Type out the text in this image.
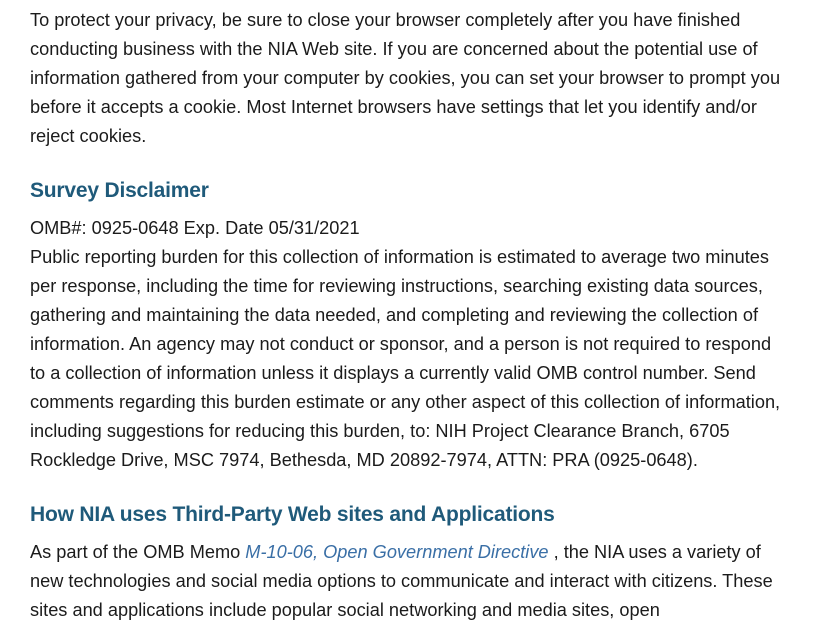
To protect your privacy, be sure to close your browser completely after you have finished conducting business with the NIA Web site. If you are concerned about the potential use of information gathered from your computer by cookies, you can set your browser to prompt you before it accepts a cookie. Most Internet browsers have settings that let you identify and/or reject cookies.

Survey Disclaimer

OMB#: 0925-0648 Exp. Date 05/31/2021

Public reporting burden for this collection of information is estimated to average two minutes per response, including the time for reviewing instructions, searching existing data sources, gathering and maintaining the data needed, and completing and reviewing the collection of information. An agency may not conduct or sponsor, and a person is not required to respond to a collection of information unless it displays a currently valid OMB control number. Send comments regarding this burden estimate or any other aspect of this collection of information, including suggestions for reducing this burden, to: NIH Project Clearance Branch, 6705 Rockledge Drive, MSC 7974, Bethesda, MD 20892-7974, ATTN: PRA (0925-0648).

How NIA uses Third-Party Web sites and Applications

As part of the OMB Memo M-10-06, Open Government Directive , the NIA uses a variety of new technologies and social media options to communicate and interact with citizens. These sites and applications include popular social networking and media sites, open
